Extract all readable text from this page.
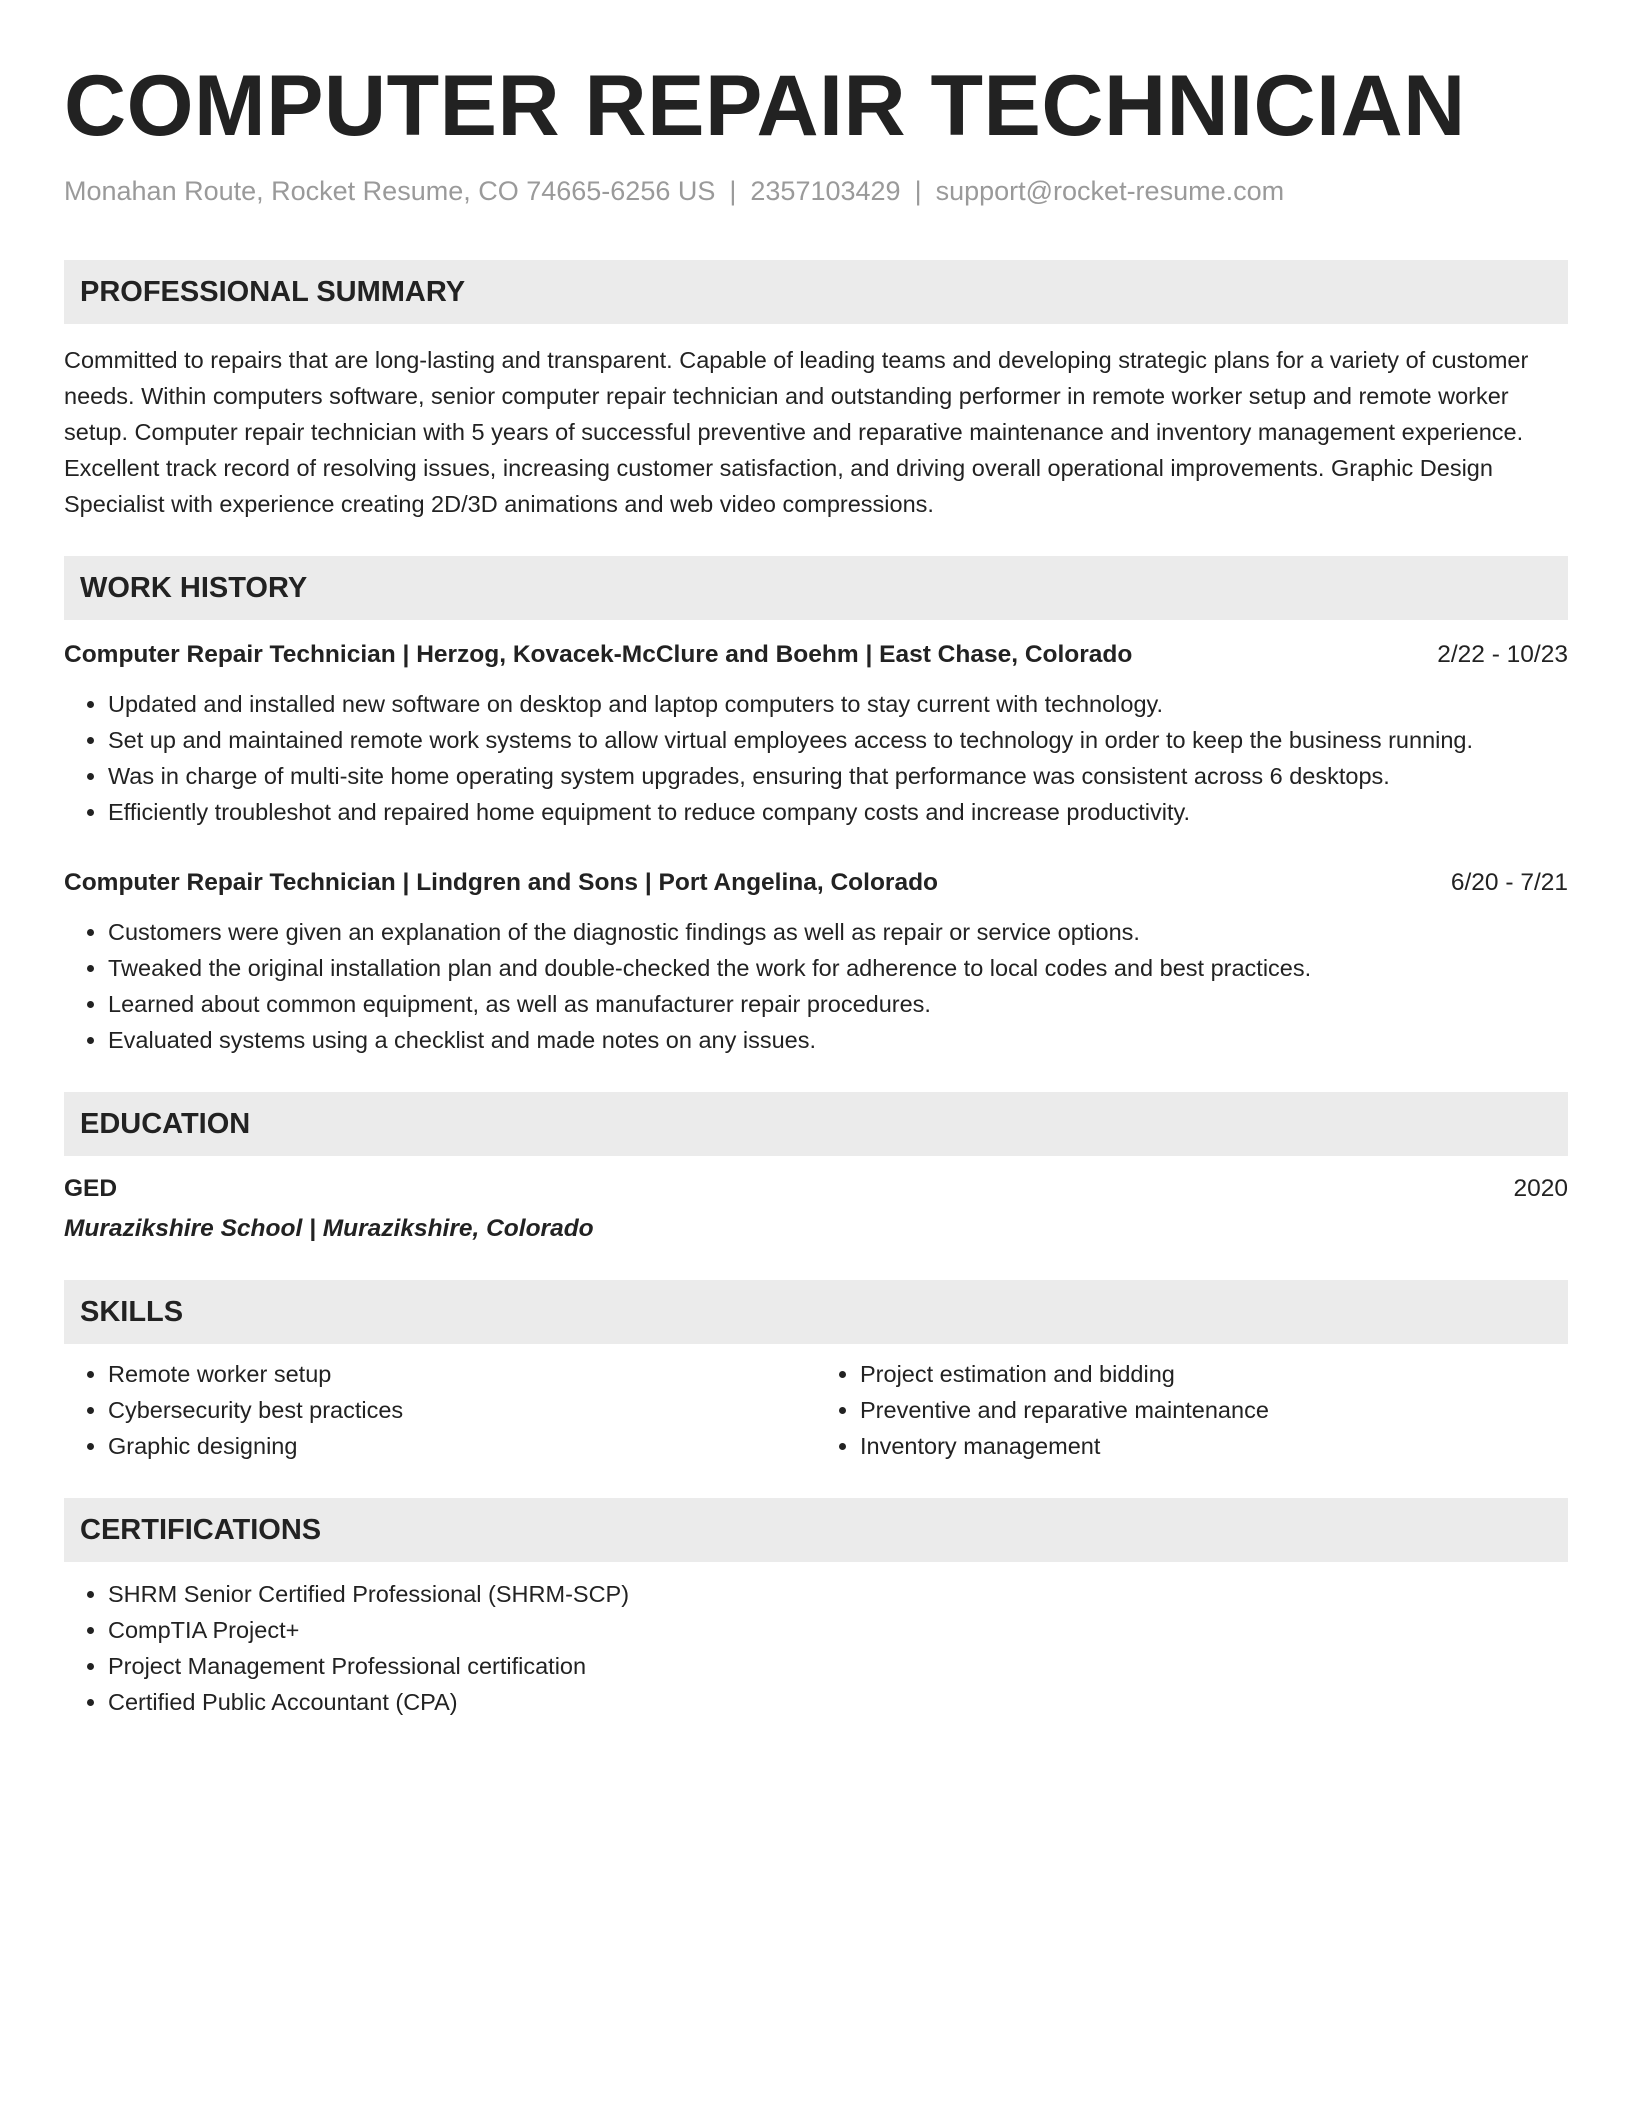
COMPUTER REPAIR TECHNICIAN
Monahan Route, Rocket Resume, CO 74665-6256 US | 2357103429 | support@rocket-resume.com
PROFESSIONAL SUMMARY

Committed to repairs that are long-lasting and transparent. Capable of leading teams and developing strategic plans for a variety of customer needs. Within computers software, senior computer repair technician and outstanding performer in remote worker setup and remote worker setup. Computer repair technician with 5 years of successful preventive and reparative maintenance and inventory management experience. Excellent track record of resolving issues, increasing customer satisfaction, and driving overall operational improvements. Graphic Design Specialist with experience creating 2D/3D animations and web video compressions.

WORK HISTORY
Computer Repair Technician | Herzog, Kovacek-McClure and Boehm | East Chase, Colorado	2/22 - 10/23
• Updated and installed new software on desktop and laptop computers to stay current with technology.
• Set up and maintained remote work systems to allow virtual employees access to technology in order to keep the business running.
• Was in charge of multi-site home operating system upgrades, ensuring that performance was consistent across 6 desktops.
• Efficiently troubleshot and repaired home equipment to reduce company costs and increase productivity.
Computer Repair Technician | Lindgren and Sons | Port Angelina, Colorado	6/20 - 7/21
• Customers were given an explanation of the diagnostic findings as well as repair or service options.
• Tweaked the original installation plan and double-checked the work for adherence to local codes and best practices.
• Learned about common equipment, as well as manufacturer repair procedures.
• Evaluated systems using a checklist and made notes on any issues.
EDUCATION
GED	2020
Murazikshire School | Murazikshire, Colorado
SKILLS
• Remote worker setup
• Cybersecurity best practices
• Graphic designing
• Project estimation and bidding
• Preventive and reparative maintenance
• Inventory management
CERTIFICATIONS
• SHRM Senior Certified Professional (SHRM-SCP)
• CompTIA Project+
• Project Management Professional certification
• Certified Public Accountant (CPA)
